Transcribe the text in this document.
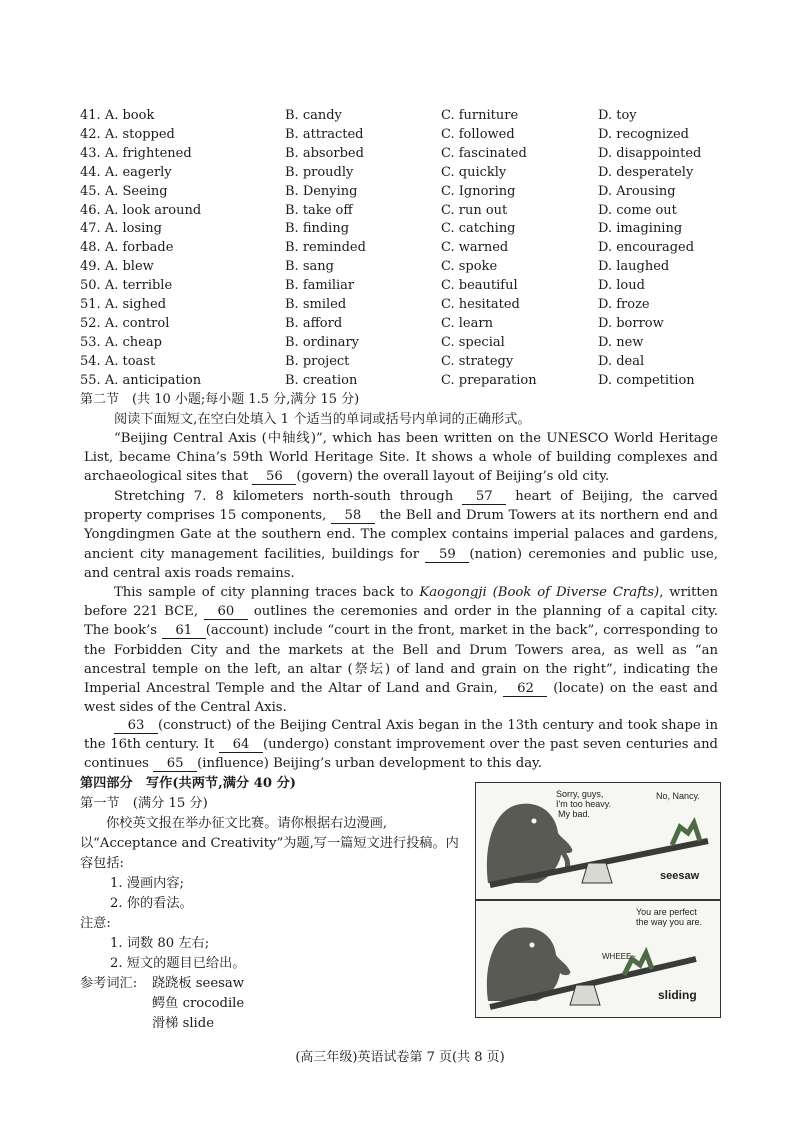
41. A. book	B. candy	C. furniture	D. toy
42. A. stopped	B. attracted	C. followed	D. recognized
43. A. frightened	B. absorbed	C. fascinated	D. disappointed
44. A. eagerly	B. proudly	C. quickly	D. desperately
45. A. Seeing	B. Denying	C. Ignoring	D. Arousing
46. A. look around	B. take off	C. run out	D. come out
47. A. losing	B. finding	C. catching	D. imagining
48. A. forbade	B. reminded	C. warned	D. encouraged
49. A. blew	B. sang	C. spoke	D. laughed
50. A. terrible	B. familiar	C. beautiful	D. loud
51. A. sighed	B. smiled	C. hesitated	D. froze
52. A. control	B. afford	C. learn	D. borrow
53. A. cheap	B. ordinary	C. special	D. new
54. A. toast	B. project	C. strategy	D. deal
55. A. anticipation	B. creation	C. preparation	D. competition
第二节　(共 10 小题;每小题 1.5 分,满分 15 分)
阅读下面短文,在空白处填入 1 个适当的单词或括号内单词的正确形式。
“Beijing Central Axis (中轴线)”, which has been written on the UNESCO World Heritage List, became China’s 59th World Heritage Site. It shows a whole of building complexes and archaeological sites that 56 (govern) the overall layout of Beijing’s old city.
Stretching 7. 8 kilometers north-south through 57 heart of Beijing, the carved property comprises 15 components, 58 the Bell and Drum Towers at its northern end and Yongdingmen Gate at the southern end. The complex contains imperial palaces and gardens, ancient city management facilities, buildings for 59 (nation) ceremonies and public use, and central axis roads remains.
This sample of city planning traces back to Kaogongji (Book of Diverse Crafts), written before 221 BCE, 60 outlines the ceremonies and order in the planning of a capital city. The book’s 61 (account) include “court in the front, market in the back”, corresponding to the Forbidden City and the markets at the Bell and Drum Towers area, as well as “an ancestral temple on the left, an altar (祭坛) of land and grain on the right”, indicating the Imperial Ancestral Temple and the Altar of Land and Grain, 62 (locate) on the east and west sides of the Central Axis.
63 (construct) of the Beijing Central Axis began in the 13th century and took shape in the 16th century. It 64 (undergo) constant improvement over the past seven centuries and continues 65 (influence) Beijing’s urban development to this day.
第四部分　写作(共两节,满分 40 分)
第一节　(满分 15 分)
你校英文报在举办征文比赛。请你根据右边漫画,以“Acceptance and Creativity”为题,写一篇短文进行投稿。内容包括:
1. 漫画内容;
2. 你的看法。
注意:
1. 词数 80 左右;
2. 短文的题目已给出。
参考词汇:	跷跷板 seesaw
鳄鱼 crocodile
滑梯 slide
Sorry, guys,
I'm too heavy.
My bad.
No, Nancy.
seesaw
You are perfect
the way you are.
WHEEE~
sliding
(高三年级)英语试卷第 7 页(共 8 页)
